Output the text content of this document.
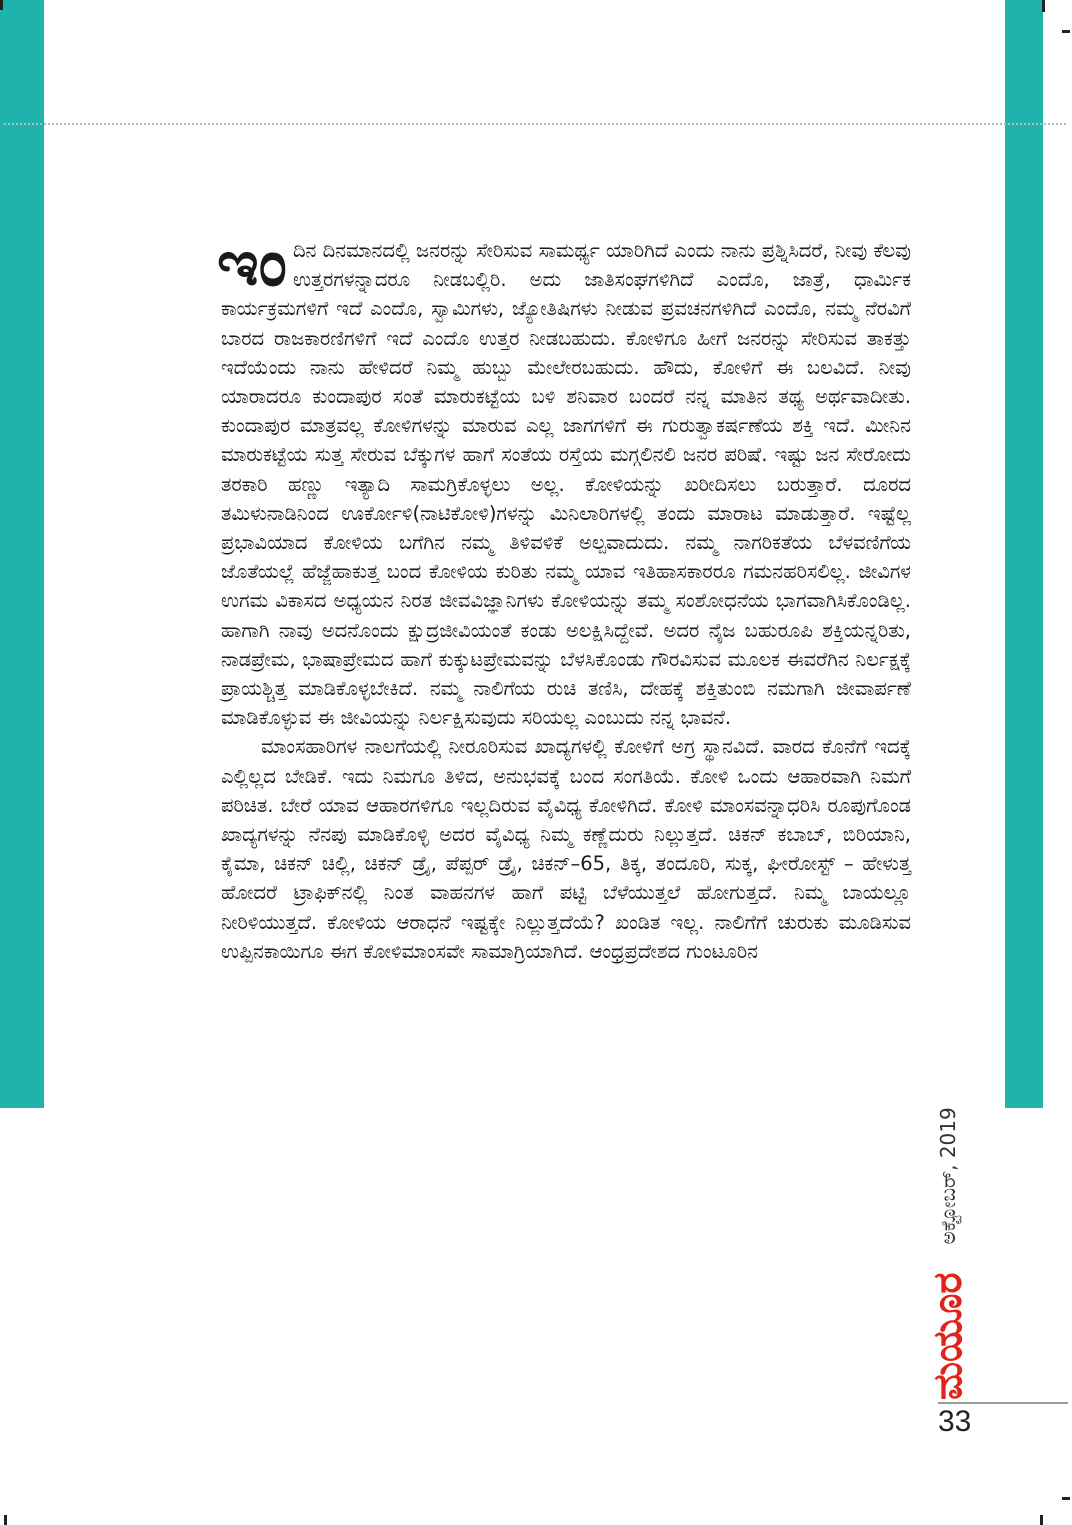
ಇಂದಿನ ದಿನಮಾನದಲ್ಲಿ ಜನರನ್ನು ಸೇರಿಸುವ ಸಾಮರ್ಥ್ಯ ಯಾರಿಗಿದೆ ಎಂದು ನಾನು ಪ್ರಶ್ನಿಸಿದರೆ, ನೀವು ಕೆಲವು ಉತ್ತರಗಳನ್ನಾದರೂ ನೀಡಬಲ್ಲಿರಿ. ಅದು ಜಾತಿಸಂಘಗಳಿಗಿದೆ ಎಂದೊ, ಜಾತ್ರೆ, ಧಾರ್ಮಿಕ ಕಾರ್ಯಕ್ರಮಗಳಿಗೆ ಇದೆ ಎಂದೊ, ಸ್ವಾಮಿಗಳು, ಜ್ಯೋತಿಷಿಗಳು ನೀಡುವ ಪ್ರವಚನಗಳಿಗಿದೆ ಎಂದೊ, ನಮ್ಮ ನೆರವಿಗೆ ಬಾರದ ರಾಜಕಾರಣಿಗಳಿಗೆ ಇದೆ ಎಂದೊ ಉತ್ತರ ನೀಡಬಹುದು. ಕೋಳಿಗೂ ಹೀಗೆ ಜನರನ್ನು ಸೇರಿಸುವ ತಾಕತ್ತು ಇದೆಯೆಂದು ನಾನು ಹೇಳಿದರೆ ನಿಮ್ಮ ಹುಬ್ಬು ಮೇಲೇರಬಹುದು. ಹೌದು, ಕೋಳಿಗೆ ಈ ಬಲವಿದೆ. ನೀವು ಯಾರಾದರೂ ಕುಂದಾಪುರ ಸಂತೆ ಮಾರುಕಟ್ಟೆಯ ಬಳಿ ಶನಿವಾರ ಬಂದರೆ ನನ್ನ ಮಾತಿನ ತಥ್ಯ ಅರ್ಥವಾದೀತು. ಕುಂದಾಪುರ ಮಾತ್ರವಲ್ಲ ಕೋಳಿಗಳನ್ನು ಮಾರುವ ಎಲ್ಲ ಜಾಗಗಳಿಗೆ ಈ ಗುರುತ್ವಾಕರ್ಷಣೆಯ ಶಕ್ತಿ ಇದೆ. ಮೀನಿನ ಮಾರುಕಟ್ಟೆಯ ಸುತ್ತ ಸೇರುವ ಬೆಕ್ಕುಗಳ ಹಾಗೆ ಸಂತೆಯ ರಸ್ತೆಯ ಮಗ್ಗಲಿನಲಿ ಜನರ ಪರಿಷೆ. ಇಷ್ಟು ಜನ ಸೇರೋದು ತರಕಾರಿ ಹಣ್ಣು ಇತ್ಯಾದಿ ಸಾಮಗ್ರಿಕೊಳ್ಳಲು ಅಲ್ಲ. ಕೋಳಿಯನ್ನು ಖರೀದಿಸಲು ಬರುತ್ತಾರೆ. ದೂರದ ತಮಿಳುನಾಡಿನಿಂದ ಊರ್ಕೋಳಿ(ನಾಟಿಕೋಳಿ)ಗಳನ್ನು ಮಿನಿಲಾರಿಗಳಲ್ಲಿ ತಂದು ಮಾರಾಟ ಮಾಡುತ್ತಾರೆ. ಇಷ್ಟೆಲ್ಲ ಪ್ರಭಾವಿಯಾದ ಕೋಳಿಯ ಬಗೆಗಿನ ನಮ್ಮ ತಿಳಿವಳಿಕೆ ಅಲ್ಪವಾದುದು. ನಮ್ಮ ನಾಗರಿಕತೆಯ ಬೆಳವಣಿಗೆಯ ಜೊತೆಯಲ್ಲೆ ಹೆಜ್ಜೆಹಾಕುತ್ತ ಬಂದ ಕೋಳಿಯ ಕುರಿತು ನಮ್ಮ ಯಾವ ಇತಿಹಾಸಕಾರರೂ ಗಮನಹರಿಸಲಿಲ್ಲ. ಜೀವಿಗಳ ಉಗಮ ವಿಕಾಸದ ಅಧ್ಯಯನ ನಿರತ ಜೀವವಿಜ್ಞಾನಿಗಳು ಕೋಳಿಯನ್ನು ತಮ್ಮ ಸಂಶೋಧನೆಯ ಭಾಗವಾಗಿಸಿಕೊಂಡಿಲ್ಲ. ಹಾಗಾಗಿ ನಾವು ಅದನೊಂದು ಕ್ಷುದ್ರಜೀವಿಯಂತೆ ಕಂಡು ಅಲಕ್ಷಿಸಿದ್ದೇವೆ. ಅದರ ನೈಜ ಬಹುರೂಪಿ ಶಕ್ತಿಯನ್ನರಿತು, ನಾಡಪ್ರೇಮ, ಭಾಷಾಪ್ರೇಮದ ಹಾಗೆ ಕುಕ್ಕುಟಪ್ರೇಮವನ್ನು ಬೆಳಸಿಕೊಂಡು ಗೌರವಿಸುವ ಮೂಲಕ ಈವರೆಗಿನ ನಿರ್ಲಕ್ಷಕ್ಕೆ ಪ್ರಾಯಶ್ಚಿತ್ತ ಮಾಡಿಕೊಳ್ಳಬೇಕಿದೆ. ನಮ್ಮ ನಾಲಿಗೆಯ ರುಚಿ ತಣಿಸಿ, ದೇಹಕ್ಕೆ ಶಕ್ತಿತುಂಬಿ ನಮಗಾಗಿ ಜೀವಾರ್ಪಣೆ ಮಾಡಿಕೊಳ್ಳುವ ಈ ಜೀವಿಯನ್ನು ನಿರ್ಲಕ್ಷಿಸುವುದು ಸರಿಯಲ್ಲ ಎಂಬುದು ನನ್ನ ಭಾವನೆ.

ಮಾಂಸಹಾರಿಗಳ ನಾಲಗೆಯಲ್ಲಿ ನೀರೂರಿಸುವ ಖಾದ್ಯಗಳಲ್ಲಿ ಕೋಳಿಗೆ ಅಗ್ರ ಸ್ಥಾನವಿದೆ. ವಾರದ ಕೊನೆಗೆ ಇದಕ್ಕೆ ಎಲ್ಲಿಲ್ಲದ ಬೇಡಿಕೆ. ಇದು ನಿಮಗೂ ತಿಳಿದ, ಅನುಭವಕ್ಕೆ ಬಂದ ಸಂಗತಿಯೆ. ಕೋಳಿ ಒಂದು ಆಹಾರವಾಗಿ ನಿಮಗೆ ಪರಿಚಿತ. ಬೇರೆ ಯಾವ ಆಹಾರಗಳಿಗೂ ಇಲ್ಲದಿರುವ ವೈವಿಧ್ಯ ಕೋಳಿಗಿದೆ. ಕೋಳಿ ಮಾಂಸವನ್ನಾಧರಿಸಿ ರೂಪುಗೊಂಡ ಖಾದ್ಯಗಳನ್ನು ನೆನಪು ಮಾಡಿಕೊಳ್ಳಿ ಅದರ ವೈವಿಧ್ಯ ನಿಮ್ಮ ಕಣ್ಣೆದುರು ನಿಲ್ಲುತ್ತದೆ. ಚಿಕನ್ ಕಬಾಬ್, ಬಿರಿಯಾನಿ, ಕೈಮಾ, ಚಿಕನ್ ಚಿಲ್ಲಿ, ಚಿಕನ್ ಡ್ರೈ, ಪೆಪ್ಪರ್ ಡ್ರೈ, ಚಿಕನ್–65, ತಿಕ್ಕ, ತಂದೂರಿ, ಸುಕ್ಕ, ಘೀರೋಸ್ಟ್ – ಹೇಳುತ್ತ ಹೋದರೆ ಟ್ರಾಫಿಕ್‌ನಲ್ಲಿ ನಿಂತ ವಾಹನಗಳ ಹಾಗೆ ಪಟ್ಟಿ ಬೆಳೆಯುತ್ತಲೆ ಹೋಗುತ್ತದೆ. ನಿಮ್ಮ ಬಾಯಲ್ಲೂ ನೀರಿಳಿಯುತ್ತದೆ. ಕೋಳಿಯ ಆರಾಧನೆ ಇಷ್ಟಕ್ಕೇ ನಿಲ್ಲುತ್ತದೆಯೆ? ಖಂಡಿತ ಇಲ್ಲ. ನಾಲಿಗೆಗೆ ಚುರುಕು ಮೂಡಿಸುವ ಉಪ್ಪಿನಕಾಯಿಗೂ ಈಗ ಕೋಳಿಮಾಂಸವೇ ಸಾಮಾಗ್ರಿಯಾಗಿದೆ. ಆಂಧ್ರಪ್ರದೇಶದ ಗುಂಟೂರಿನ

ಮಯೂರ
ಅಕ್ಟೋಬರ್, 2019
33
